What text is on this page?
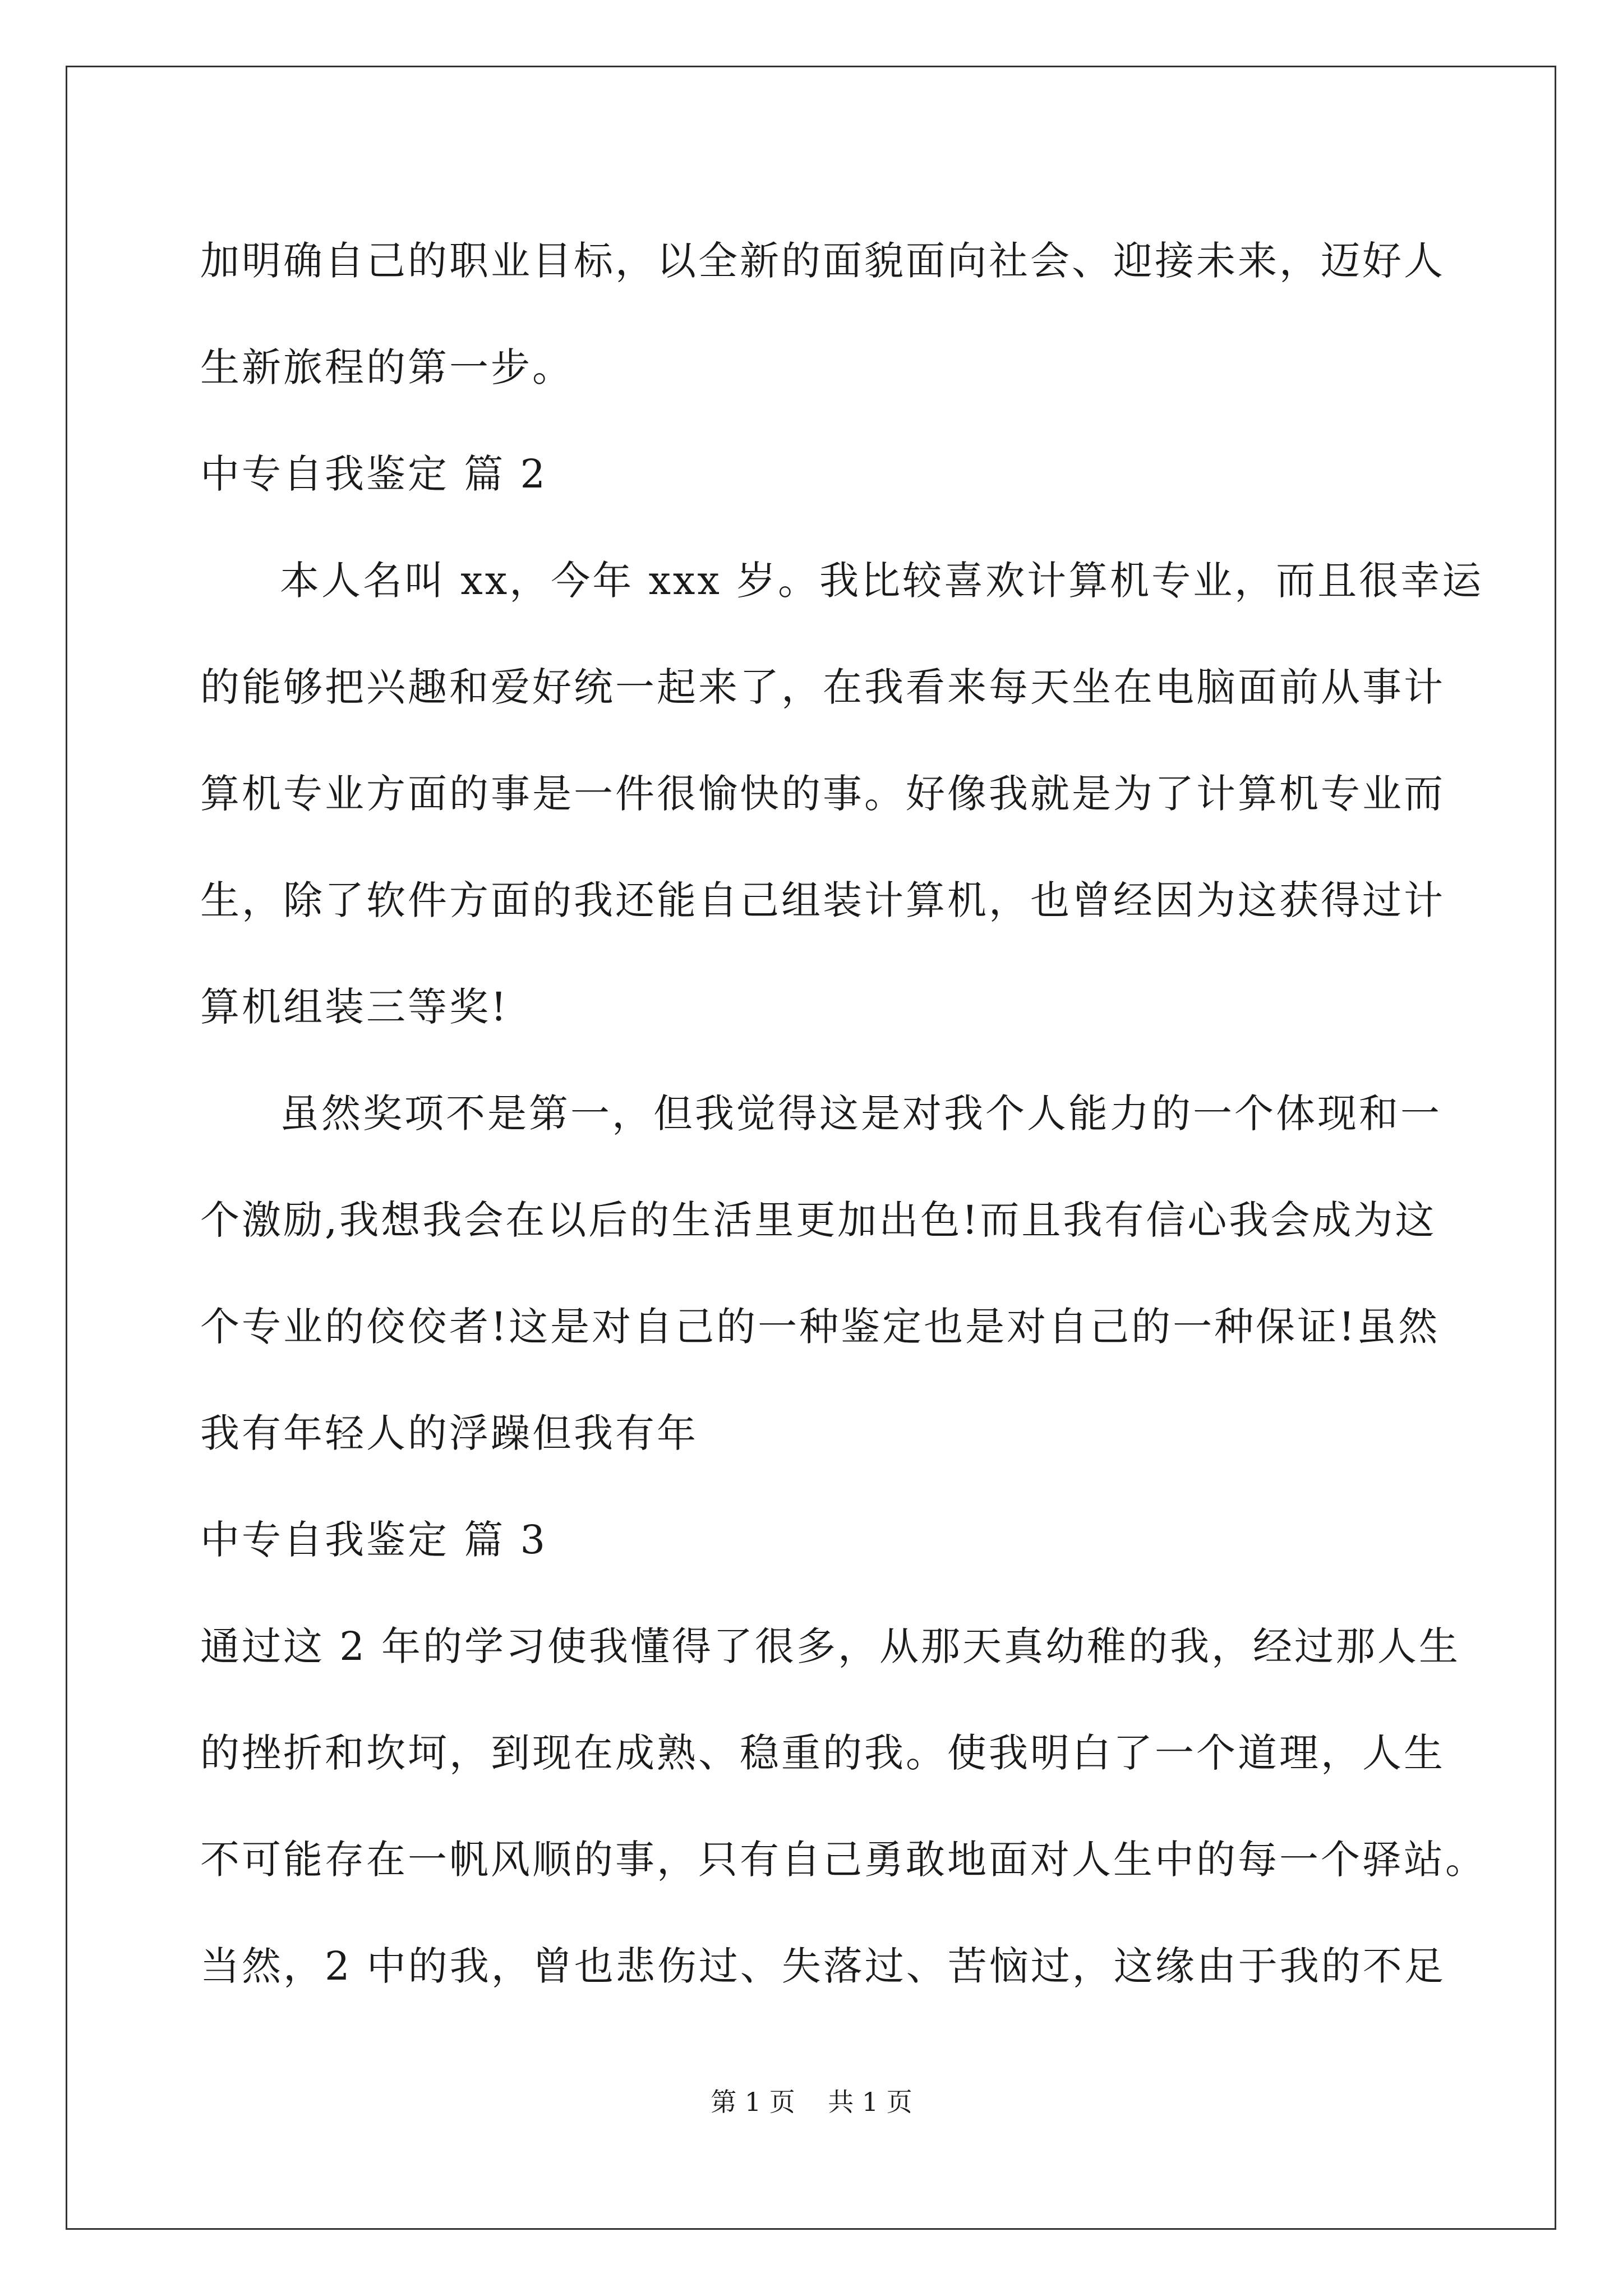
加明确自己的职业目标，以全新的面貌面向社会、迎接未来，迈好人
生新旅程的第一步。
中专自我鉴定 篇 2
本人名叫 xx，今年 xxx 岁。我比较喜欢计算机专业，而且很幸运
的能够把兴趣和爱好统一起来了，在我看来每天坐在电脑面前从事计
算机专业方面的事是一件很愉快的事。好像我就是为了计算机专业而
生，除了软件方面的我还能自己组装计算机，也曾经因为这获得过计
算机组装三等奖!
虽然奖项不是第一，但我觉得这是对我个人能力的一个体现和一
个激励,我想我会在以后的生活里更加出色!而且我有信心我会成为这
个专业的佼佼者!这是对自己的一种鉴定也是对自己的一种保证!虽然
我有年轻人的浮躁但我有年
中专自我鉴定 篇 3
通过这 2 年的学习使我懂得了很多，从那天真幼稚的我，经过那人生
的挫折和坎坷，到现在成熟、稳重的我。使我明白了一个道理，人生
不可能存在一帆风顺的事，只有自己勇敢地面对人生中的每一个驿站。
当然，2 中的我，曾也悲伤过、失落过、苦恼过，这缘由于我的不足
第 1 页    共 1 页
